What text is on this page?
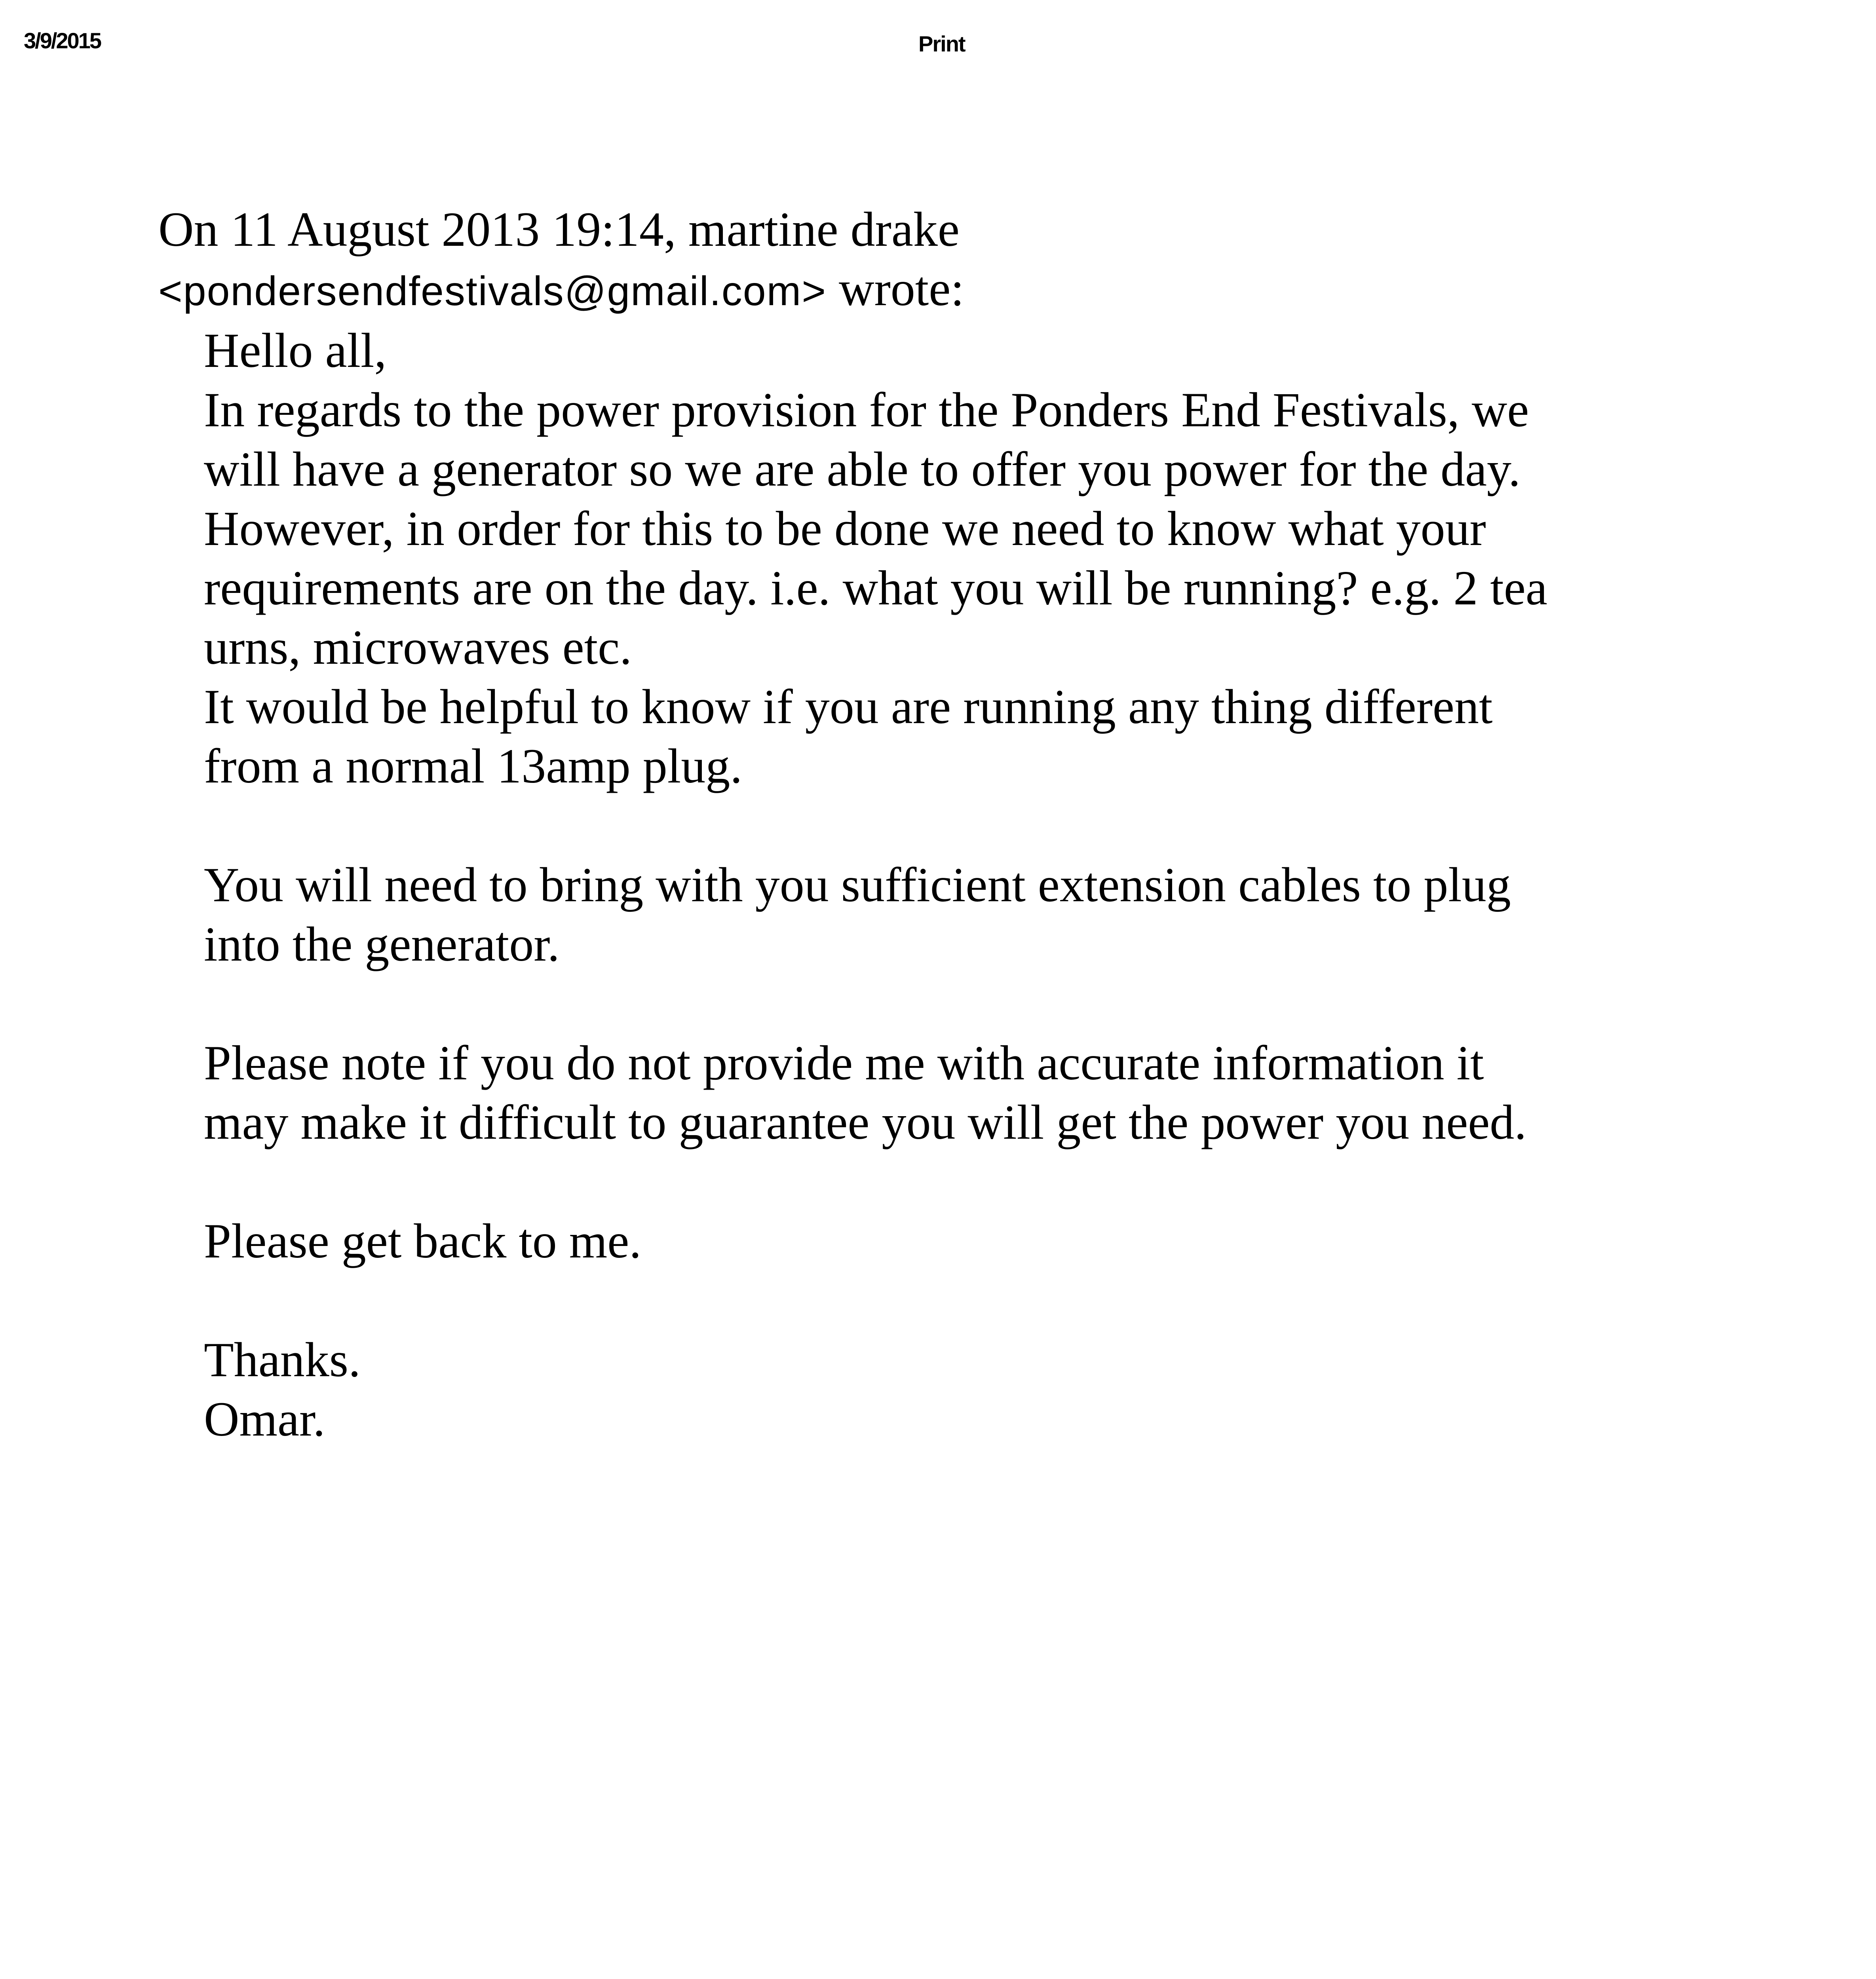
3/9/2015	Print
On 11 August 2013 19:14, martine drake
<pondersendfestivals@gmail.com> wrote:

Hello all,

In regards to the power provision for the Ponders End Festivals, we
will have a generator so we are able to offer you power for the day.
However, in order for this to be done we need to know what your
requirements are on the day. i.e. what you will be running? e.g. 2 tea
urns, microwaves etc.
It would be helpful to know if you are running any thing different
from a normal 13amp plug.
You will need to bring with you sufficient extension cables to plug
into the generator.
Please note if you do not provide me with accurate information it
may make it difficult to guarantee you will get the power you need.
Please get back to me.
Thanks.
Omar.
